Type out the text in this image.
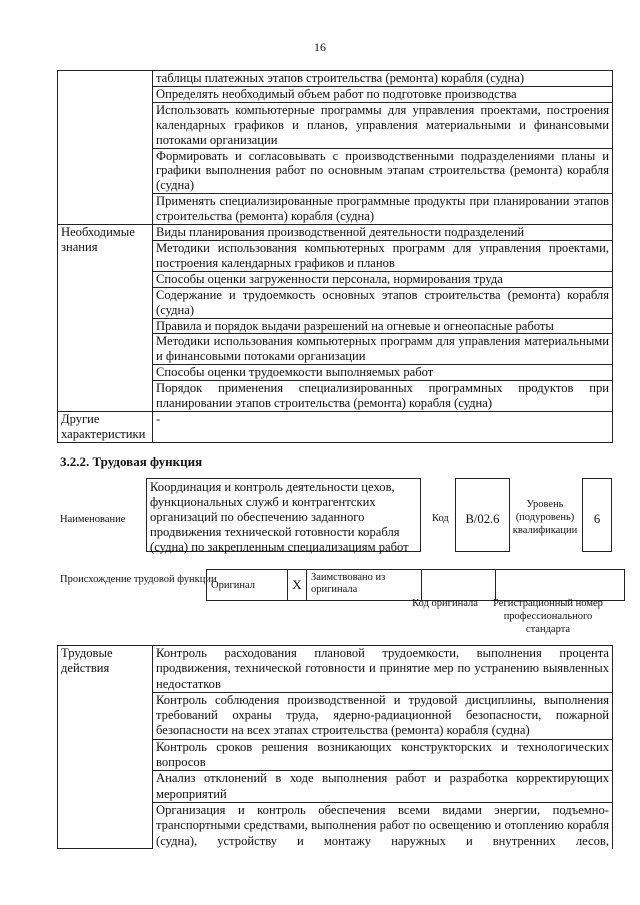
16
	таблицы платежных этапов строительства (ремонта) корабля (судна)
	Определять необходимый объем работ по подготовке производства
	Использовать компьютерные программы для управления проектами, построения календарных графиков и планов, управления материальными и финансовыми потоками организации
	Формировать и согласовывать с производственными подразделениями планы и графики выполнения работ по основным этапам строительства (ремонта) корабля (судна)
	Применять специализированные программные продукты при планировании этапов строительства (ремонта) корабля (судна)
Необходимые знания	Виды планирования производственной деятельности подразделений
	Методики использования компьютерных программ для управления проектами, построения календарных графиков и планов
	Способы оценки загруженности персонала, нормирования труда
	Содержание и трудоемкость основных этапов строительства (ремонта) корабля (судна)
	Правила и порядок выдачи разрешений на огневые и огнеопасные работы
	Методики использования компьютерных программ для управления материальными и финансовыми потоками организации
	Способы оценки трудоемкости выполняемых работ
	Порядок применения специализированных программных продуктов при планировании этапов строительства (ремонта) корабля (судна)
Другие характеристики	-
3.2.2. Трудовая функция
Наименование
Координация и контроль деятельности цехов, функциональных служб и контрагентских организаций по обеспечению заданного продвижения технической готовности корабля (судна) по закрепленным специализациям работ
Код	B/02.6
Уровень (подуровень) квалификации
6
Происхождение трудовой функции
Оригинал	X	Заимствовано из оригинала		
Код оригинала	Регистрационный номер профессионального стандарта
Трудовые действия	Контроль расходования плановой трудоемкости, выполнения процента продвижения, технической готовности и принятие мер по устранению выявленных недостатков
Контроль соблюдения производственной и трудовой дисциплины, выполнения требований охраны труда, ядерно-радиационной безопасности, пожарной безопасности на всех этапах строительства (ремонта) корабля (судна)
Контроль сроков решения возникающих конструкторских и технологических вопросов
Анализ отклонений в ходе выполнения работ и разработка корректирующих мероприятий
Организация и контроль обеспечения всеми видами энергии, подъемно-транспортными средствами, выполнения работ по освещению и отоплению корабля (судна), устройству и монтажу наружных и внутренних лесов,
